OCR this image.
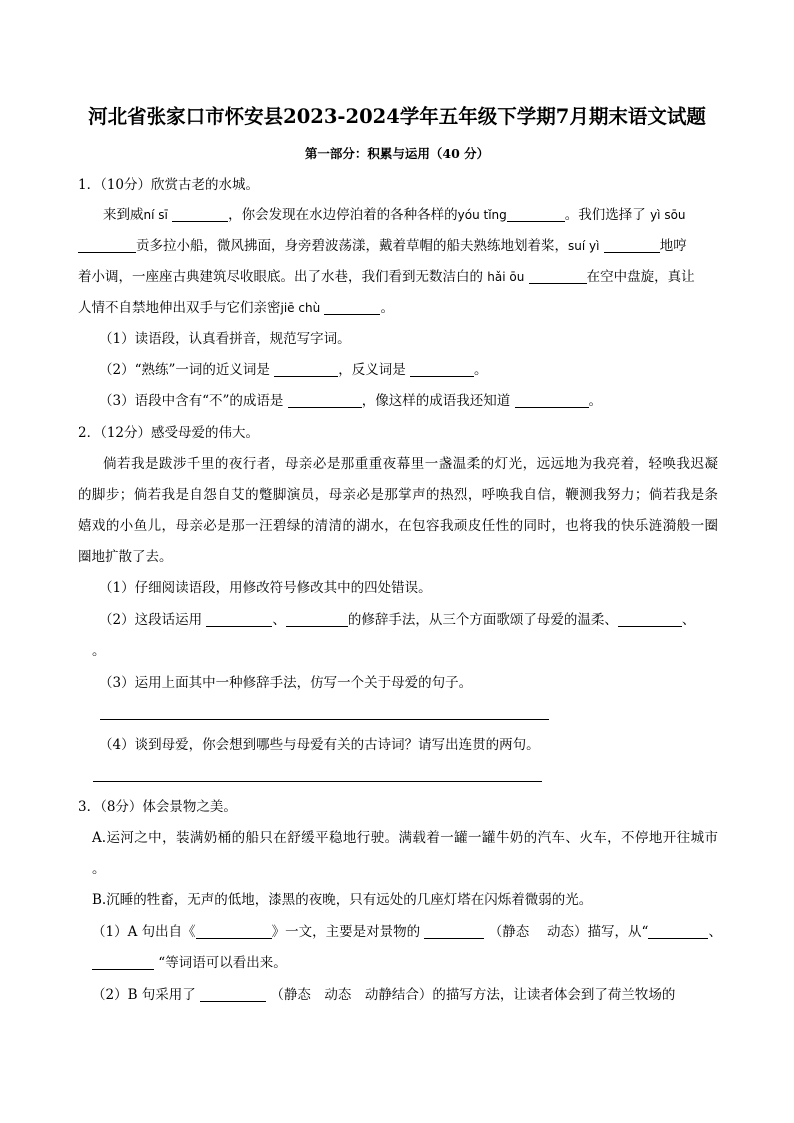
河北省张家口市怀安县2023-2024学年五年级下学期7月期末语文试题
第一部分：积累与运用（40 分）
1．（10分）欣赏古老的水城。
来到威ní sī	，你会发现在水边停泊着的各种各样的yóu tǐng	。我们选择了 yì sōu
贡多拉小船，微风拂面，身旁碧波荡漾，戴着草帽的船夫熟练地划着桨，suí yì	地哼
着小调，一座座古典建筑尽收眼底。出了水巷，我们看到无数洁白的 hǎi ōu	在空中盘旋，真让
人情不自禁地伸出双手与它们亲密jiē chù	。
（1）读语段，认真看拼音，规范写字词。
（2）“熟练”一词的近义词是	，反义词是	。
（3）语段中含有“不”的成语是	，像这样的成语我还知道	。
2．（12分）感受母爱的伟大。
倘若我是跋涉千里的夜行者，母亲必是那重重夜幕里一盏温柔的灯光，远远地为我亮着，轻唤我迟凝
的脚步；倘若我是自怨自艾的蹩脚演员，母亲必是那掌声的热烈，呼唤我自信，鞭测我努力；倘若我是条
嬉戏的小鱼儿，母亲必是那一汪碧绿的清清的湖水，在包容我顽皮任性的同时，也将我的快乐涟漪般一圈
圈地扩散了去。
（1）仔细阅读语段，用修改符号修改其中的四处错误。
（2）这段话运用	、	的修辞手法，从三个方面歌颂了母爱的温柔、	、
。
（3）运用上面其中一种修辞手法，仿写一个关于母爱的句子。
（4）谈到母爱，你会想到哪些与母爱有关的古诗词？请写出连贯的两句。
3．（8分）体会景物之美。
A.运河之中，装满奶桶的船只在舒缓平稳地行驶。满载着一罐一罐牛奶的汽车、火车，不停地开往城市
。
B.沉睡的牲畜，无声的低地，漆黑的夜晚，只有远处的几座灯塔在闪烁着微弱的光。
（1）A 句出自《	》一文，主要是对景物的	（静态　 动态）描写，从“	、
“等词语可以看出来。
（2）B 句采用了	（静态　动态　动静结合）的描写方法，让读者体会到了荷兰牧场的
